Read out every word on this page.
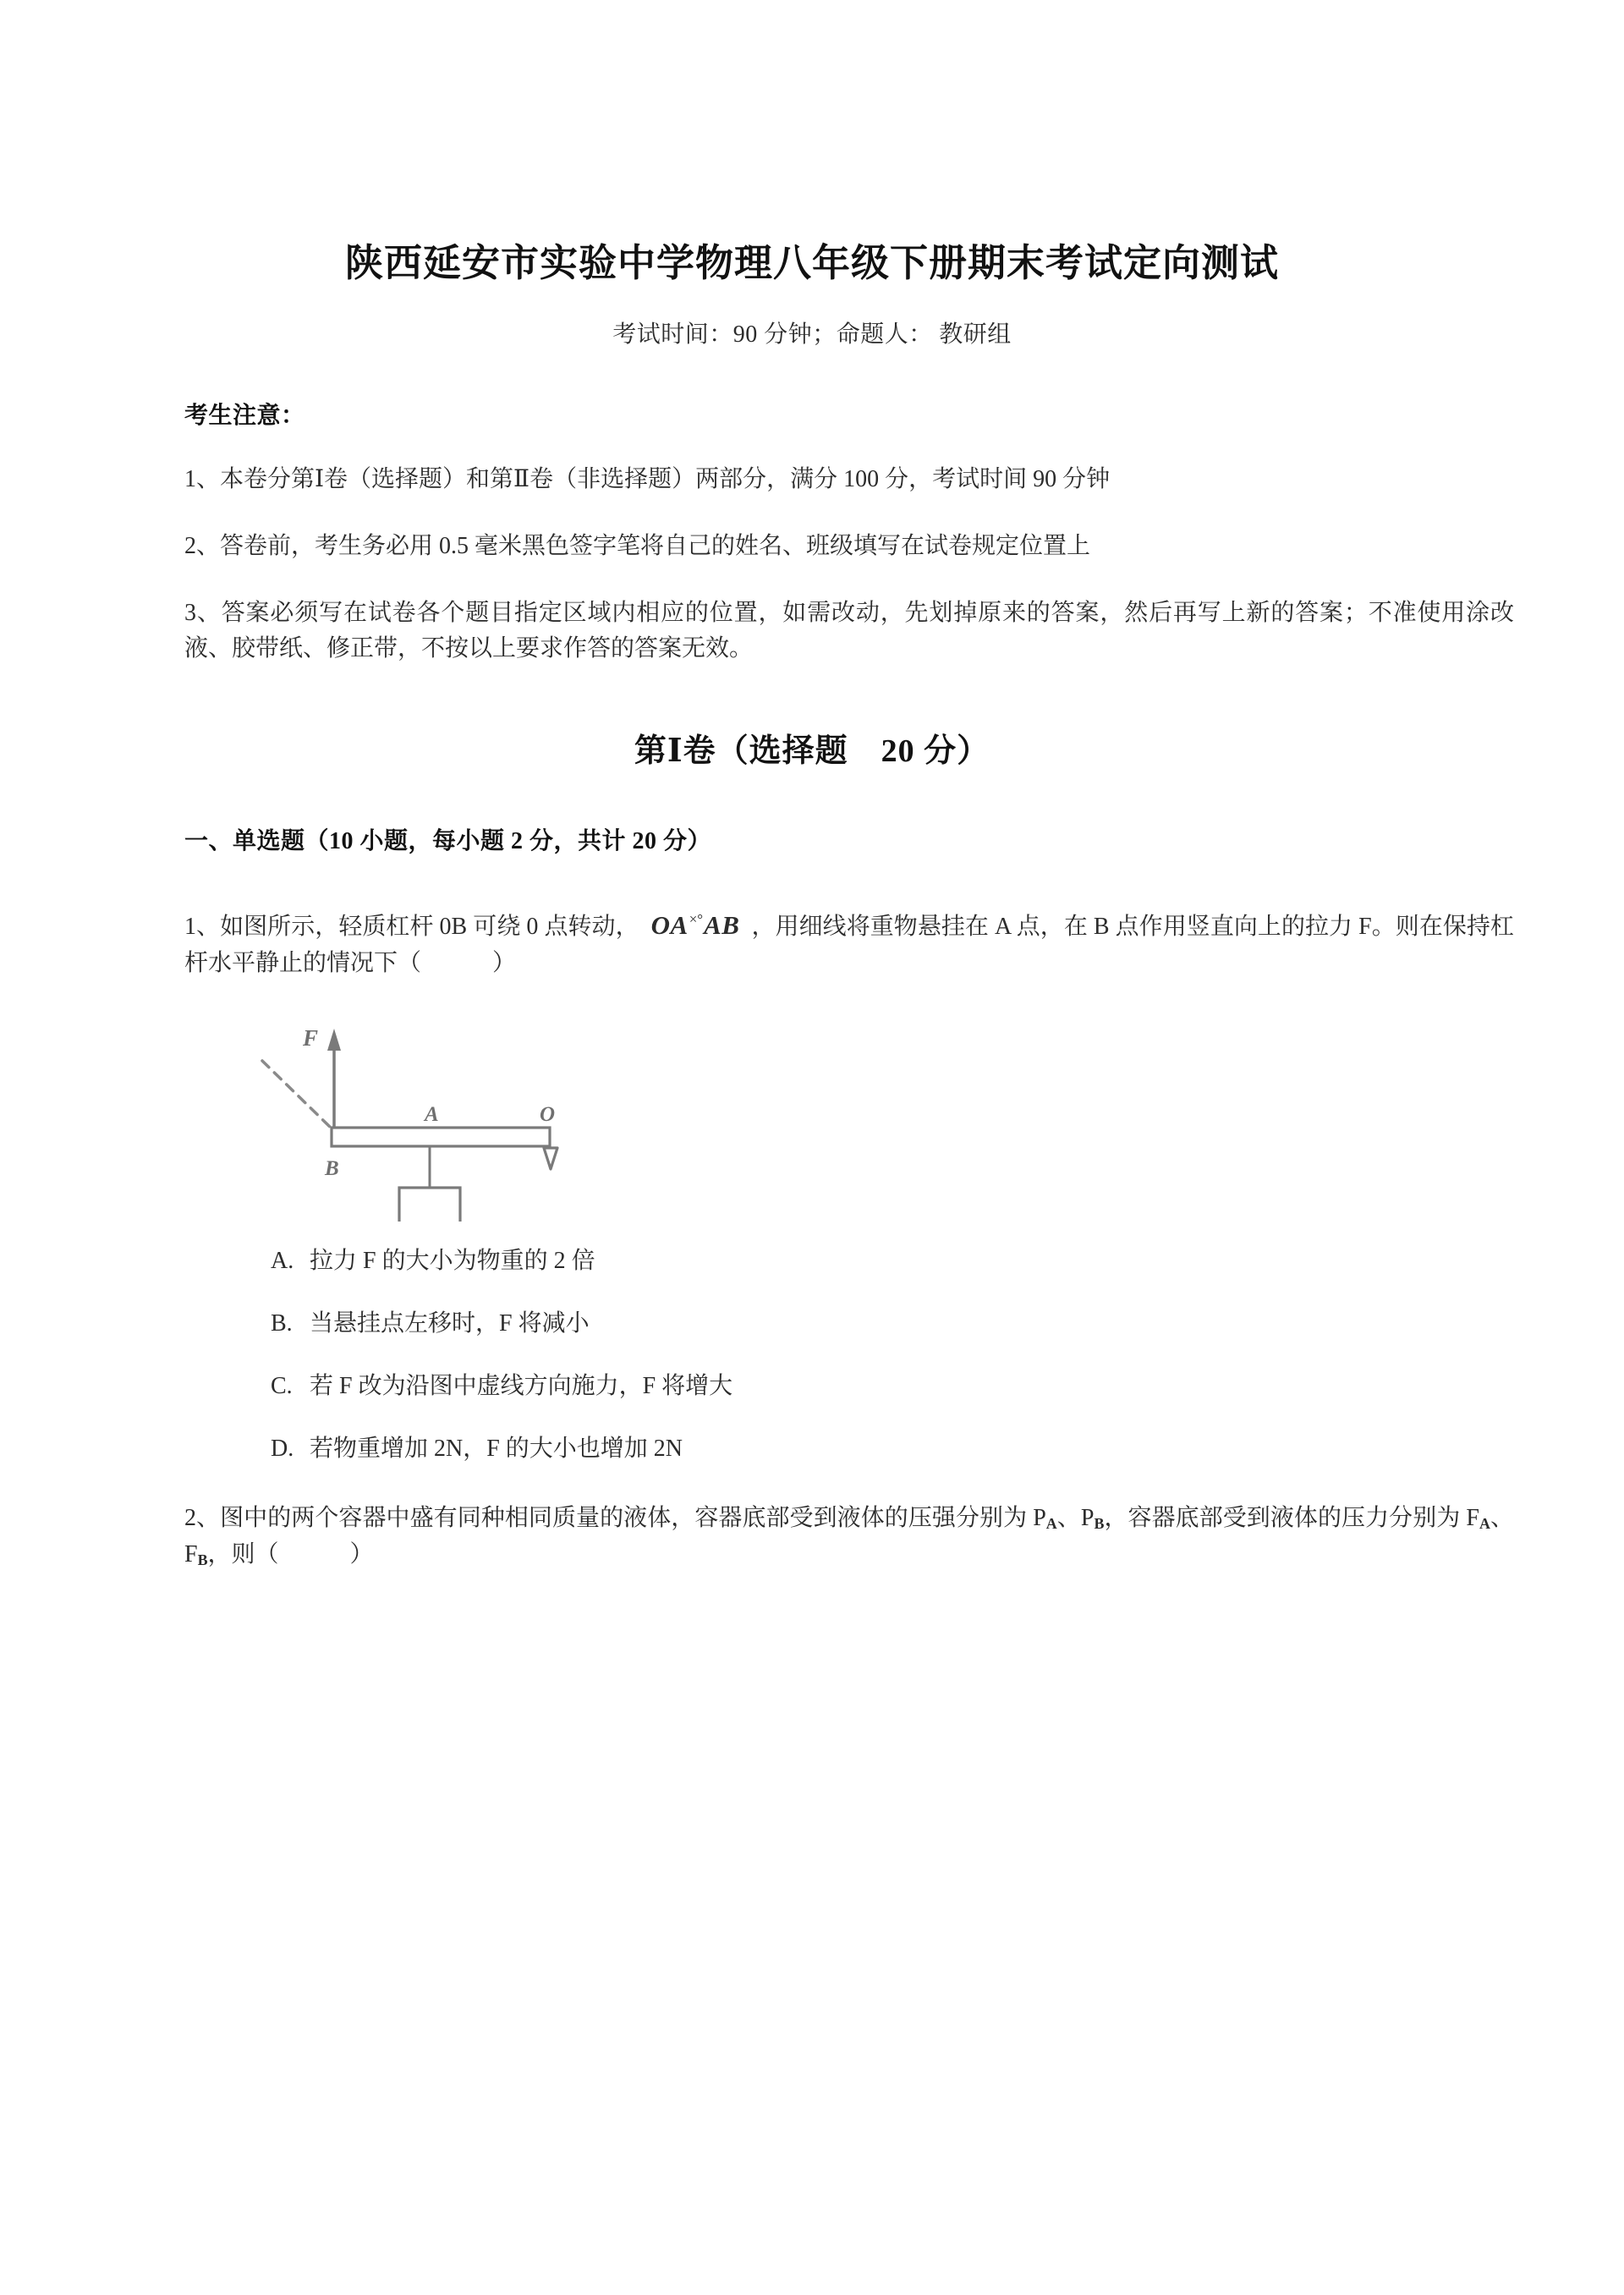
陕西延安市实验中学物理八年级下册期末考试定向测试

考试时间：90 分钟；命题人： 教研组

考生注意：

1、本卷分第Ⅰ卷（选择题）和第Ⅱ卷（非选择题）两部分，满分 100 分，考试时间 90 分钟

2、答卷前，考生务必用 0.5 毫米黑色签字笔将自己的姓名、班级填写在试卷规定位置上

3、答案必须写在试卷各个题目指定区域内相应的位置，如需改动，先划掉原来的答案，然后再写上新的答案；不准使用涂改液、胶带纸、修正带，不按以上要求作答的答案无效。

第Ⅰ卷（选择题　20 分）

一、单选题（10 小题，每小题 2 分，共计 20 分）

1、如图所示，轻质杠杆 0B 可绕 0 点转动， OA×°AB ，用细线将重物悬挂在 A 点，在 B 点作用竖直向上的拉力 F。则在保持杠杆水平静止的情况下（　　　）

F
A
B
O

A. 拉力 F 的大小为物重的 2 倍

B. 当悬挂点左移时，F 将减小

C. 若 F 改为沿图中虚线方向施力，F 将增大

D. 若物重增加 2N，F 的大小也增加 2N

2、图中的两个容器中盛有同种相同质量的液体，容器底部受到液体的压强分别为 $P_A$、$P_B$，容器底部受到液体的压力分别为 $F_A$、$F_B$，则（　　　）
